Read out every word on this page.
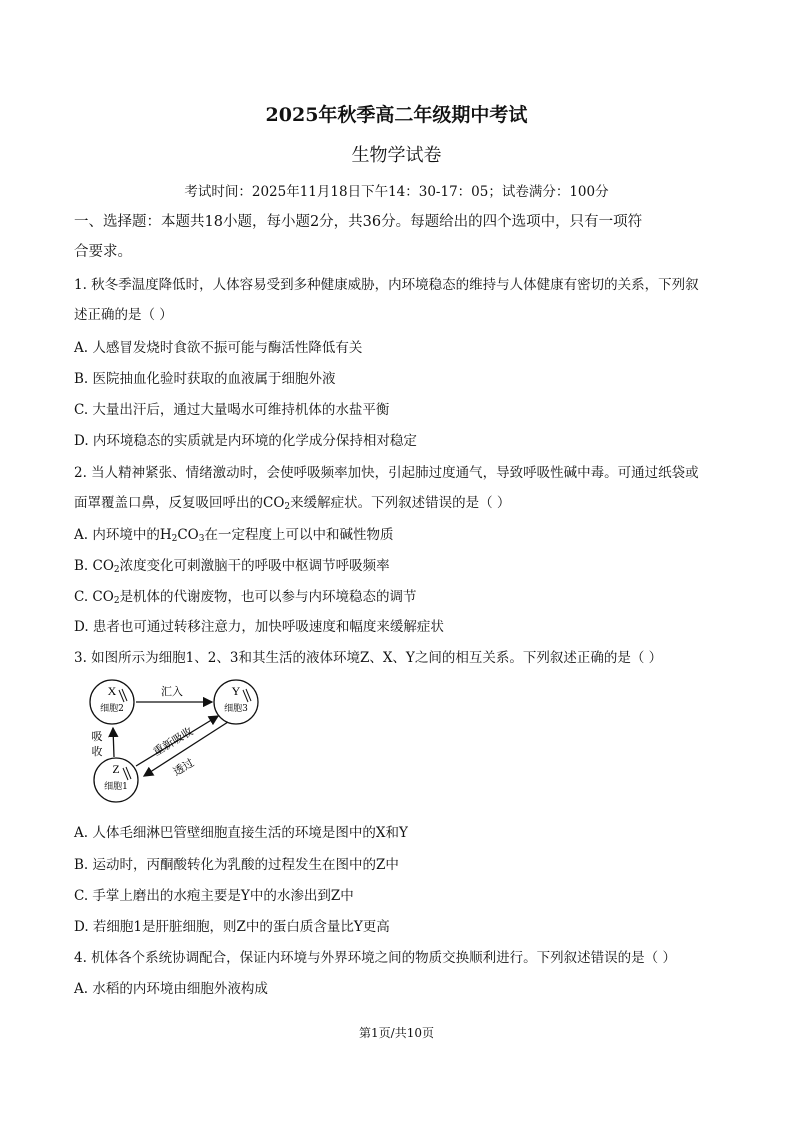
2025年秋季高二年级期中考试
生物学试卷
考试时间：2025年11月18日下午14：30-17：05；试卷满分：100分
一、选择题：本题共18小题，每小题2分，共36分。每题给出的四个选项中，只有一项符
合要求。
1. 秋冬季温度降低时，人体容易受到多种健康威胁，内环境稳态的维持与人体健康有密切的关系，下列叙
述正确的是（ ）
A. 人感冒发烧时食欲不振可能与酶活性降低有关
B. 医院抽血化验时获取的血液属于细胞外液
C. 大量出汗后，通过大量喝水可维持机体的水盐平衡
D. 内环境稳态的实质就是内环境的化学成分保持相对稳定
2. 当人精神紧张、情绪激动时，会使呼吸频率加快，引起肺过度通气，导致呼吸性碱中毒。可通过纸袋或
面罩覆盖口鼻，反复吸回呼出的$CO_2$来缓解症状。下列叙述错误的是（ ）
A. 内环境中的$H_2CO_3$在一定程度上可以中和碱性物质
B. $CO_2$浓度变化可刺激脑干的呼吸中枢调节呼吸频率
C. $CO_2$是机体的代谢废物，也可以参与内环境稳态的调节
D. 患者也可通过转移注意力，加快呼吸速度和幅度来缓解症状
3. 如图所示为细胞1、2、3和其生活的液体环境Z、X、Y之间的相互关系。下列叙述正确的是（ ）
X
细胞2
Y
细胞3
Z
细胞1
汇入
吸
收	重新吸收
透过
A. 人体毛细淋巴管壁细胞直接生活的环境是图中的X和Y
B. 运动时，丙酮酸转化为乳酸的过程发生在图中的Z中
C. 手掌上磨出的水疱主要是Y中的水渗出到Z中
D. 若细胞1是肝脏细胞，则Z中的蛋白质含量比Y更高
4. 机体各个系统协调配合，保证内环境与外界环境之间的物质交换顺利进行。下列叙述错误的是（ ）
A. 水稻的内环境由细胞外液构成
第1页/共10页
